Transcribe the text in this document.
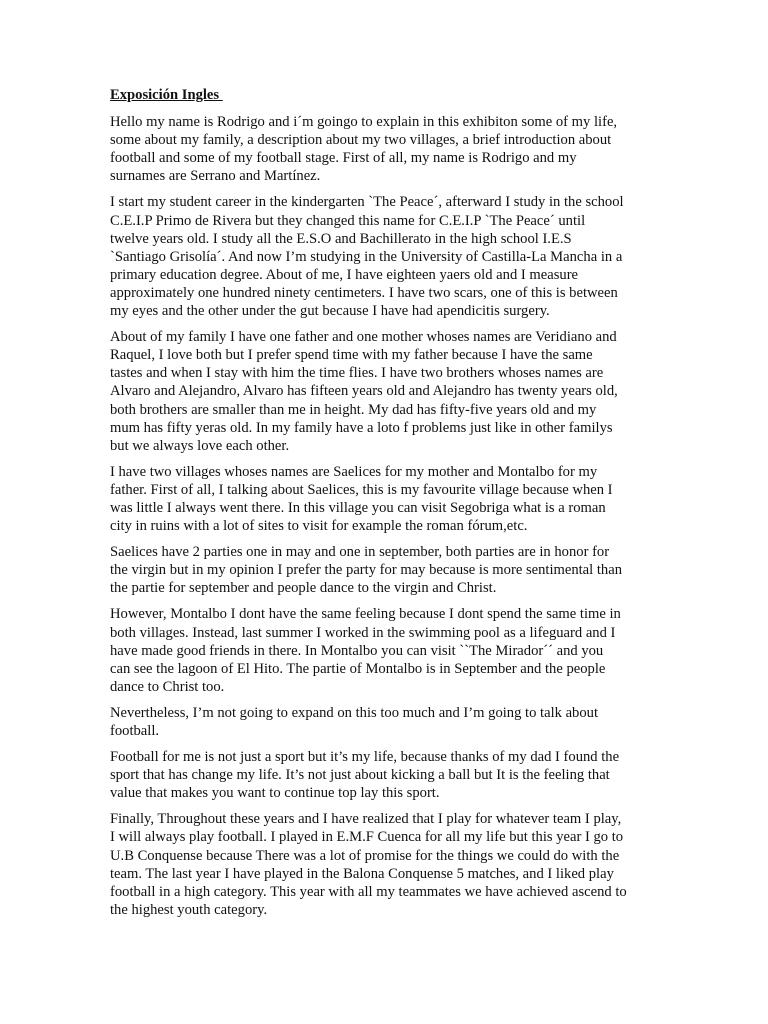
Exposición Ingles
Hello my name is Rodrigo and i´m goingo to explain in this exhibiton some of my life,
some about my family, a description about my two villages, a brief introduction about
football and some of my football stage. First of all, my name is Rodrigo and my
surnames are Serrano and Martínez.
I start my student career in the kindergarten `The Peace´, afterward I study in the school
C.E.I.P Primo de Rivera but they changed this name for C.E.I.P `The Peace´ until
twelve years old. I study all the E.S.O and Bachillerato in the high school I.E.S
`Santiago Grisolía´. And now I’m studying in the University of Castilla-La Mancha in a
primary education degree. About of me, I have eighteen yaers old and I measure
approximately one hundred ninety centimeters. I have two scars, one of this is between
my eyes and the other under the gut because I have had apendicitis surgery.
About of my family I have one father and one mother whoses names are Veridiano and
Raquel, I love both but I prefer spend time with my father because I have the same
tastes and when I stay with him the time flies. I have two brothers whoses names are
Alvaro and Alejandro, Alvaro has fifteen years old and Alejandro has twenty years old,
both brothers are smaller than me in height. My dad has fifty-five years old and my
mum has fifty yeras old. In my family have a loto f problems just like in other familys
but we always love each other.
I have two villages whoses names are Saelices for my mother and Montalbo for my
father. First of all, I talking about Saelices, this is my favourite village because when I
was little I always went there. In this village you can visit Segobriga what is a roman
city in ruins with a lot of sites to visit for example the roman fórum,etc.
Saelices have 2 parties one in may and one in september, both parties are in honor for
the virgin but in my opinion I prefer the party for may because is more sentimental than
the partie for september and people dance to the virgin and Christ.
However, Montalbo I dont have the same feeling because I dont spend the same time in
both villages. Instead, last summer I worked in the swimming pool as a lifeguard and I
have made good friends in there. In Montalbo you can visit ``The Mirador´´ and you
can see the lagoon of El Hito. The partie of Montalbo is in September and the people
dance to Christ too.
Nevertheless, I’m not going to expand on this too much and I’m going to talk about
football.
Football for me is not just a sport but it’s my life, because thanks of my dad I found the
sport that has change my life. It’s not just about kicking a ball but It is the feeling that
value that makes you want to continue top lay this sport.
Finally, Throughout these years and I have realized that I play for whatever team I play,
I will always play football. I played in E.M.F Cuenca for all my life but this year I go to
U.B Conquense because There was a lot of promise for the things we could do with the
team. The last year I have played in the Balona Conquense 5 matches, and I liked play
football in a high category. This year with all my teammates we have achieved ascend to
the highest youth category.
